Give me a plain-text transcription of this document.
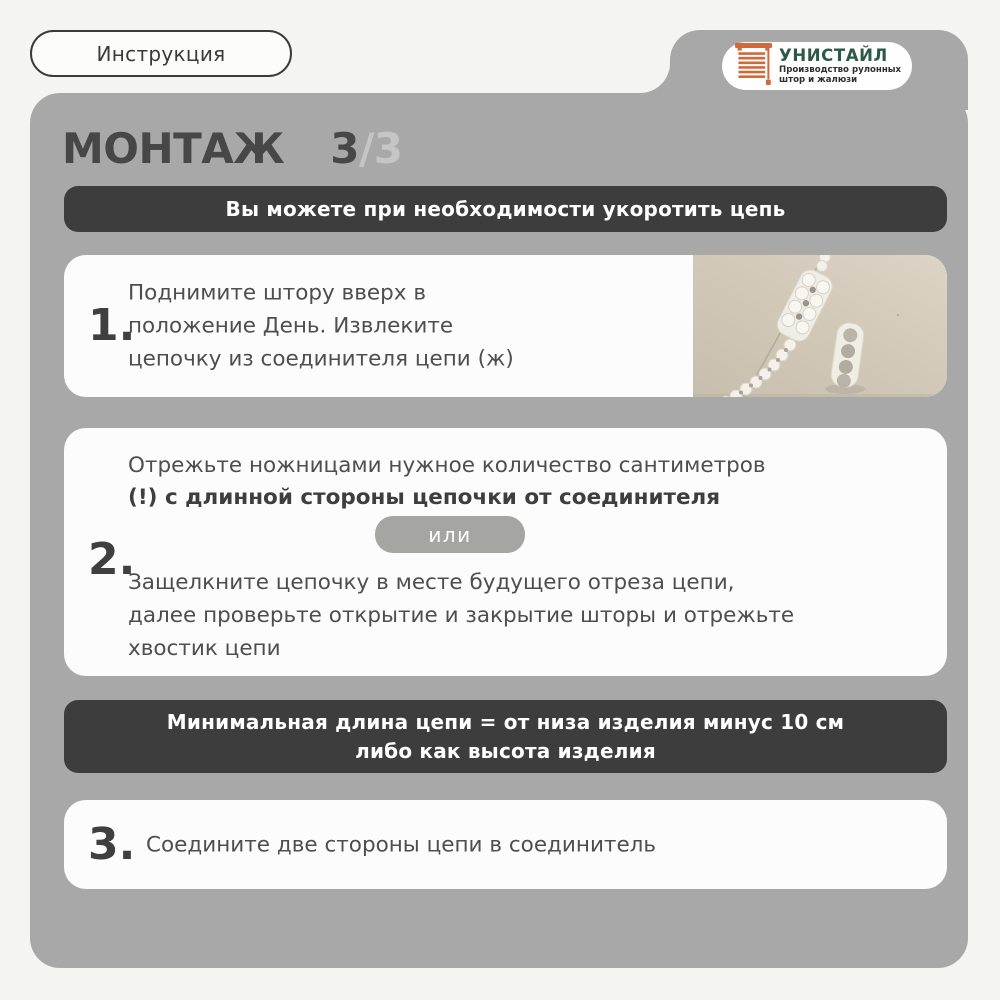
Инструкция	УНИСТАЙЛ
Производство рулонных
штор и жалюзи
МОНТАЖ 3/3
Вы можете при необходимости укоротить цепь
1.
Поднимите штору вверх в
положение День. Извлеките
цепочку из соединителя цепи (ж)
2.
Отрежьте ножницами нужное количество сантиметров
(!) с длинной стороны цепочки от соединителя
или
Защелкните цепочку в месте будущего отреза цепи,
далее проверьте открытие и закрытие шторы и отрежьте
хвостик цепи
Минимальная длина цепи = от низа изделия минус 10 см
либо как высота изделия
3. Соедините две стороны цепи в соединитель
